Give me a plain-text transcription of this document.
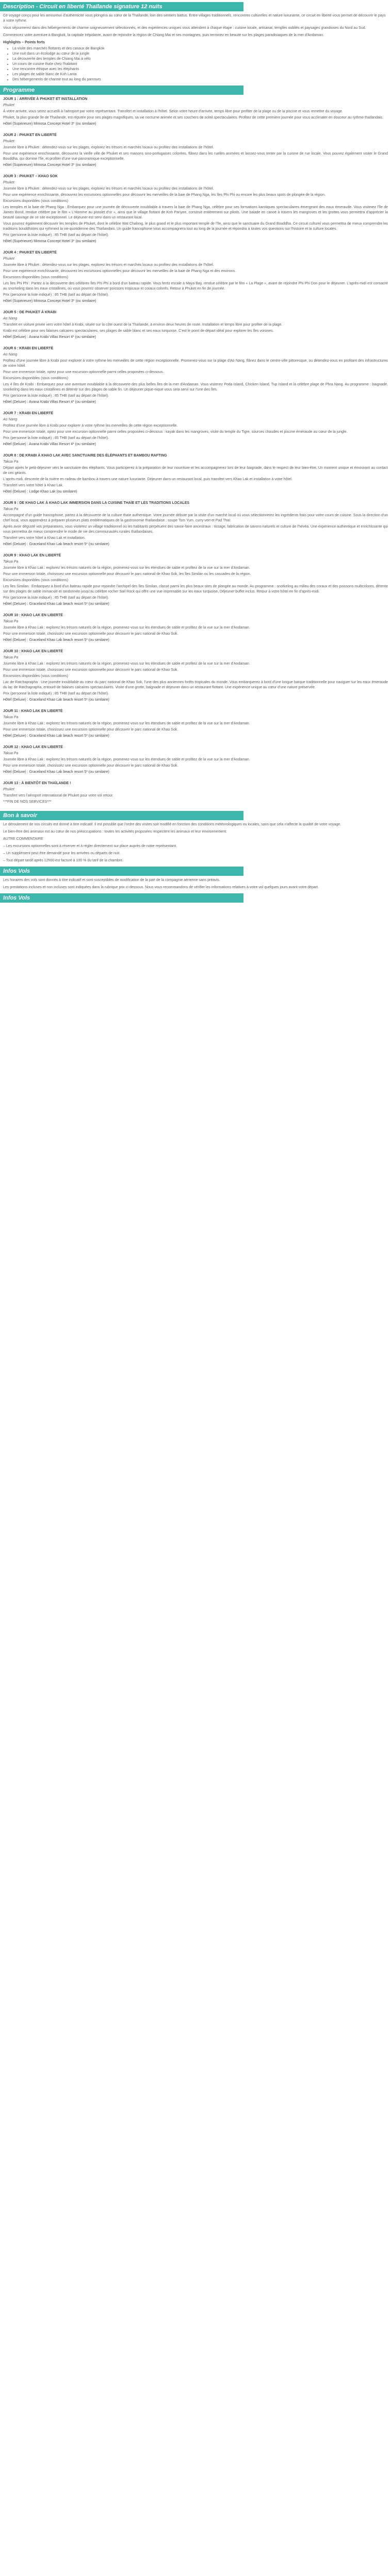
Description - Circuit en liberté Thaïlande signature 12 nuits

Ce voyage conçu pour les amoureux d'authenticité vous plongera au cœur de la Thaïlande, loin des sentiers battus. Entre villages traditionnels, rencontres culturelles et nature luxuriante, ce circuit en liberté vous permet de découvrir le pays à votre rythme.

Vous séjournerez dans des hébergements de charme soigneusement sélectionnés, et des expériences uniques vous attendent à chaque étape : cuisine locale, artisanat, temples oubliés et paysages grandioses du Nord au Sud.

Commencez votre aventure à Bangkok, la capitale trépidante, avant de rejoindre la région de Chiang Mai et ses montagnes, puis terminez en beauté sur les plages paradisiaques de la mer d'Andaman.

Highlights – Points forts
• La visite des marchés flottants et des canaux de Bangkok
• Une nuit dans un écolodge au cœur de la jungle
• La découverte des temples de Chiang Mai à vélo
• Un cours de cuisine thaïe chez l'habitant
• Une rencontre éthique avec les éléphants
• Les plages de sable blanc de Koh Lanta
• Des hébergements de charme tout au long du parcours
Programme
JOUR 1 : ARRIVÉE À PHUKET ET INSTALLATION
Phuket

À votre arrivée, vous serez accueilli à l'aéroport par votre représentant. Transfert et installation à l'hôtel. Selon votre heure d'arrivée, temps libre pour profiter de la plage ou de la piscine et vous remettre du voyage.

Phuket, la plus grande île de Thaïlande, est réputée pour ses plages magnifiques, sa vie nocturne animée et ses couchers de soleil spectaculaires. Profitez de cette première journée pour vous acclimater en douceur au rythme thaïlandais.

Hôtel (Supérieure) Mimosa Concept Hotel 3* (ou similaire)
JOUR 2 : PHUKET EN LIBERTÉ
Phuket

Journée libre à Phuket : détendez-vous sur les plages, explorez les trésors et marchés locaux ou profitez des installations de l'hôtel.

Pour une expérience enrichissante, découvrez la vieille ville de Phuket et ses maisons sino-portugaises colorées, flânez dans les ruelles animées et laissez-vous tenter par la cuisine de rue locale. Vous pouvez également visiter le Grand Bouddha, qui domine l'île, et profiter d'une vue panoramique exceptionnelle.

Hôtel (Supérieure) Mimosa Concept Hotel 3* (ou similaire)
JOUR 3 : PHUKET – KHAO SOK
Phuket

Journée libre à Phuket : détendez-vous sur les plages, explorez les trésors et marchés locaux ou profitez des installations de l'hôtel.

Pour une expérience enrichissante, découvrez les excursions optionnelles pour découvrir les merveilles de la baie de Phang Nga, les îles Phi Phi ou encore les plus beaux spots de plongée de la région.

Excursions disponibles (sous conditions)

Les temples et la baie de Phang Nga : Embarquez pour une journée de découverte inoubliable à travers la baie de Phang Nga, célèbre pour ses formations karstiques spectaculaires émergeant des eaux émeraude. Vous visiterez l'île de James Bond, rendue célèbre par le film « L'Homme au pistolet d'or », ainsi que le village flottant de Koh Panyee, construit entièrement sur pilotis. Une balade en canoë à travers les mangroves et les grottes vous permettra d'apprécier la beauté sauvage de ce site exceptionnel. Le déjeuner est servi dans un restaurant local.

Vous pourrez également découvrir les temples de Phuket, dont le célèbre Wat Chalong, le plus grand et le plus important temple de l'île, ainsi que le sanctuaire du Grand Bouddha. Ce circuit culturel vous permettra de mieux comprendre les traditions bouddhistes qui rythment la vie quotidienne des Thaïlandais. Un guide francophone vous accompagnera tout au long de la journée et répondra à toutes vos questions sur l'histoire et la culture locales.

Prix (personne la liste indiqué) : 85 THB (tarif au départ de l'hôtel).

Hôtel (Supérieure) Mimosa Concept Hotel 3* (ou similaire)
JOUR 4 : PHUKET EN LIBERTÉ
Phuket

Journée libre à Phuket : détendez-vous sur les plages, explorez les trésors et marchés locaux ou profitez des installations de l'hôtel.

Pour une expérience enrichissante, découvrez les excursions optionnelles pour découvrir les merveilles de la baie de Phang Nga et des environs.

Excursions disponibles (sous conditions)

Les îles Phi Phi : Partez à la découverte des célèbres îles Phi Phi à bord d'un bateau rapide. Vous ferez escale à Maya Bay, rendue célèbre par le film « La Plage », avant de rejoindre Phi Phi Don pour le déjeuner. L'après-midi est consacré au snorkeling dans les eaux cristallines, où vous pourrez observer poissons tropicaux et coraux colorés. Retour à Phuket en fin de journée.

Prix (personne la liste indiqué) : 85 THB (tarif au départ de l'hôtel).

Hôtel (Supérieure) Mimosa Concept Hotel 3* (ou similaire)
JOUR 5 : DE PHUKET À KRABI
Ao Nang

Transfert en voiture privée vers votre hôtel à Krabi, située sur la côte ouest de la Thaïlande, à environ deux heures de route. Installation et temps libre pour profiter de la plage.

Krabi est célèbre pour ses falaises calcaires spectaculaires, ses plages de sable blanc et ses eaux turquoise. C'est le point de départ idéal pour explorer les îles voisines.

Hôtel (Deluxe) : Avana Krabi Villas Resort 4* (ou similaire)
JOUR 6 : KRABI EN LIBERTÉ
Ao Nang

Profitez d'une journée libre à Krabi pour explorer à votre rythme les merveilles de cette région exceptionnelle. Promenez-vous sur la plage d'Ao Nang, flânez dans le centre-ville pittoresque, ou détendez-vous en profitant des infrastructures de votre hôtel.

Pour une immersion totale, optez pour une excursion optionnelle parmi celles proposées ci-dessous.

Excursions disponibles (sous conditions)

Les 4 îles de Krabi : Embarquez pour une aventure inoubliable à la découverte des plus belles îles de la mer d'Andaman. Vous visiterez Poda Island, Chicken Island, Tup Island et la célèbre plage de Phra Nang. Au programme : baignade, snorkeling dans les eaux cristallines et détente sur des plages de sable fin. Un déjeuner pique-nique vous sera servi sur l'une des îles.

Prix (personne la liste indiqué) : 85 THB (tarif au départ de l'hôtel).

Hôtel (Deluxe) : Avana Krabi Villas Resort 4* (ou similaire)
JOUR 7 : KRABI EN LIBERTÉ
Ao Nang

Profitez d'une journée libre à Krabi pour explorer à votre rythme les merveilles de cette région exceptionnelle.

Pour une immersion totale, optez pour une excursion optionnelle parmi celles proposées ci-dessous : kayak dans les mangroves, visite du temple du Tigre, sources chaudes et piscine émeraude au cœur de la jungle.

Prix (personne la liste indiqué) : 85 THB (tarif au départ de l'hôtel).

Hôtel (Deluxe) : Avana Krabi Villas Resort 4* (ou similaire)
JOUR 8 : DE KRABI À KHAO LAK AVEC SANCTUAIRE DES ÉLÉPHANTS ET BAMBOU RAFTING
Takua Pa

Départ après le petit-déjeuner vers le sanctuaire des éléphants. Vous participerez à la préparation de leur nourriture et les accompagnerez lors de leur baignade, dans le respect de leur bien-être. Un moment unique et émouvant au contact de ces géants.

L'après-midi, descente de la rivière en radeau de bambou à travers une nature luxuriante. Déjeuner dans un restaurant local, puis transfert vers Khao Lak et installation à votre hôtel.

Transfert vers votre hôtel à Khao Lak.

Hôtel (Deluxe) : Lodge Khao Lak (ou similaire)
JOUR 9 : DE KHAO LAK À KHAO LAK IMMERSION DANS LA CUISINE THAÏE ET LES TRADITIONS LOCALES
Takua Pa

Accompagné d'un guide francophone, partez à la découverte de la culture thaïe authentique. Votre journée débute par la visite d'un marché local où vous sélectionnerez les ingrédients frais pour votre cours de cuisine. Sous la direction d'un chef local, vous apprendrez à préparer plusieurs plats emblématiques de la gastronomie thaïlandaise : soupe Tom Yum, curry vert et Pad Thaï.

Après avoir dégusté vos préparations, vous visiterez un village traditionnel où les habitants perpétuent des savoir-faire ancestraux : tissage, fabrication de savons naturels et culture de l'hévéa. Une expérience authentique et enrichissante qui vous permettra de mieux comprendre le mode de vie des communautés rurales thaïlandaises.

Transfert vers votre hôtel à Khao Lak et installation.

Hôtel (Deluxe) : Graceland Khao Lak beach resort 5* (ou similaire)
JOUR 9 : KHAO LAK EN LIBERTÉ
Takua Pa

Journée libre à Khao Lak : explorez les trésors naturels de la région, promenez-vous sur les étendues de sable et profitez de la vue sur la mer d'Andaman.

Pour une immersion totale, choisissez une excursion optionnelle pour découvrir le parc national de Khao Sok, les îles Similan ou les cascades de la région.

Excursions disponibles (sous conditions)

Les îles Similan : Embarquez à bord d'un bateau rapide pour rejoindre l'archipel des îles Similan, classé parmi les plus beaux sites de plongée au monde. Au programme : snorkeling au milieu des coraux et des poissons multicolores, détente sur des plages de sable immaculé et randonnée jusqu'au célèbre rocher Sail Rock qui offre une vue imprenable sur les eaux turquoise. Déjeuner buffet inclus. Retour à votre hôtel en fin d'après-midi.

Prix (personne la liste indiqué) : 85 THB (tarif au départ de l'hôtel).

Hôtel (Deluxe) : Graceland Khao Lak beach resort 5* (ou similaire)
JOUR 10 : KHAO LAK EN LIBERTÉ
Takua Pa

Journée libre à Khao Lak : explorez les trésors naturels de la région, promenez-vous sur les étendues de sable et profitez de la vue sur la mer d'Andaman.

Pour une immersion totale, choisissez une excursion optionnelle pour découvrir le parc national de Khao Sok.

Hôtel (Deluxe) : Graceland Khao Lak beach resort 5* (ou similaire)
JOUR 10 : KHAO LAK EN LIBERTÉ
Takua Pa

Journée libre à Khao Lak : explorez les trésors naturels de la région, promenez-vous sur les étendues de sable et profitez de la vue sur la mer d'Andaman.

Pour une immersion totale, choisissez une excursion optionnelle pour découvrir le parc national de Khao Sok.

Excursions disponibles (sous conditions)

Lac de Ratchaprapha : Une journée inoubliable au cœur du parc national de Khao Sok, l'une des plus anciennes forêts tropicales du monde. Vous embarquerez à bord d'une longue barque traditionnelle pour naviguer sur les eaux émeraude du lac de Ratchaprapha, entouré de falaises calcaires spectaculaires. Visite d'une grotte, baignade et déjeuner dans un restaurant flottant. Une expérience unique au cœur d'une nature préservée.

Prix (personne la liste indiqué) : 85 THB (tarif au départ de l'hôtel).

Hôtel (Deluxe) : Graceland Khao Lak beach resort 5* (ou similaire)
JOUR 11 : KHAO LAK EN LIBERTÉ
Takua Pa

Journée libre à Khao Lak : explorez les trésors naturels de la région, promenez-vous sur les étendues de sable et profitez de la vue sur la mer d'Andaman.

Pour une immersion totale, choisissez une excursion optionnelle pour découvrir le parc national de Khao Sok.

Hôtel (Deluxe) : Graceland Khao Lak beach resort 5* (ou similaire)
JOUR 12 : KHAO LAK EN LIBERTÉ
Takua Pa

Journée libre à Khao Lak : explorez les trésors naturels de la région, promenez-vous sur les étendues de sable et profitez de la vue sur la mer d'Andaman.

Pour une immersion totale, choisissez une excursion optionnelle pour découvrir le parc national de Khao Sok.

Hôtel (Deluxe) : Graceland Khao Lak beach resort 5* (ou similaire)
JOUR 13 : À BIENTÔT EN THAÏLANDE !
Phuket

Transfert vers l'aéroport international de Phuket pour votre vol retour.

***FIN DE NOS SERVICES***

Bon à savoir

Le déroulement de nos circuits est donné à titre indicatif. Il est possible que l'ordre des visites soit modifié en fonction des conditions météorologiques ou locales, sans que cela n'affecte la qualité de votre voyage.

Le bien-être des animaux est au cœur de nos préoccupations : toutes les activités proposées respectent les animaux et leur environnement.

AUTRE COMMENTAIRE

– Les excursions optionnelles sont à réserver et à régler directement sur place auprès de notre représentant.

– Un supplément peut être demandé pour les arrivées ou départs de nuit.

– Tout départ tardif après 12h00 est facturé à 100 % du tarif de la chambre.

Infos Vols

Les horaires des vols sont donnés à titre indicatif et sont susceptibles de modification de la part de la compagnie aérienne sans préavis.

Les prestations incluses et non incluses sont indiquées dans la rubrique prix ci-dessous. Nous vous recommandons de vérifier les informations relatives à votre vol quelques jours avant votre départ.

Infos Vols
